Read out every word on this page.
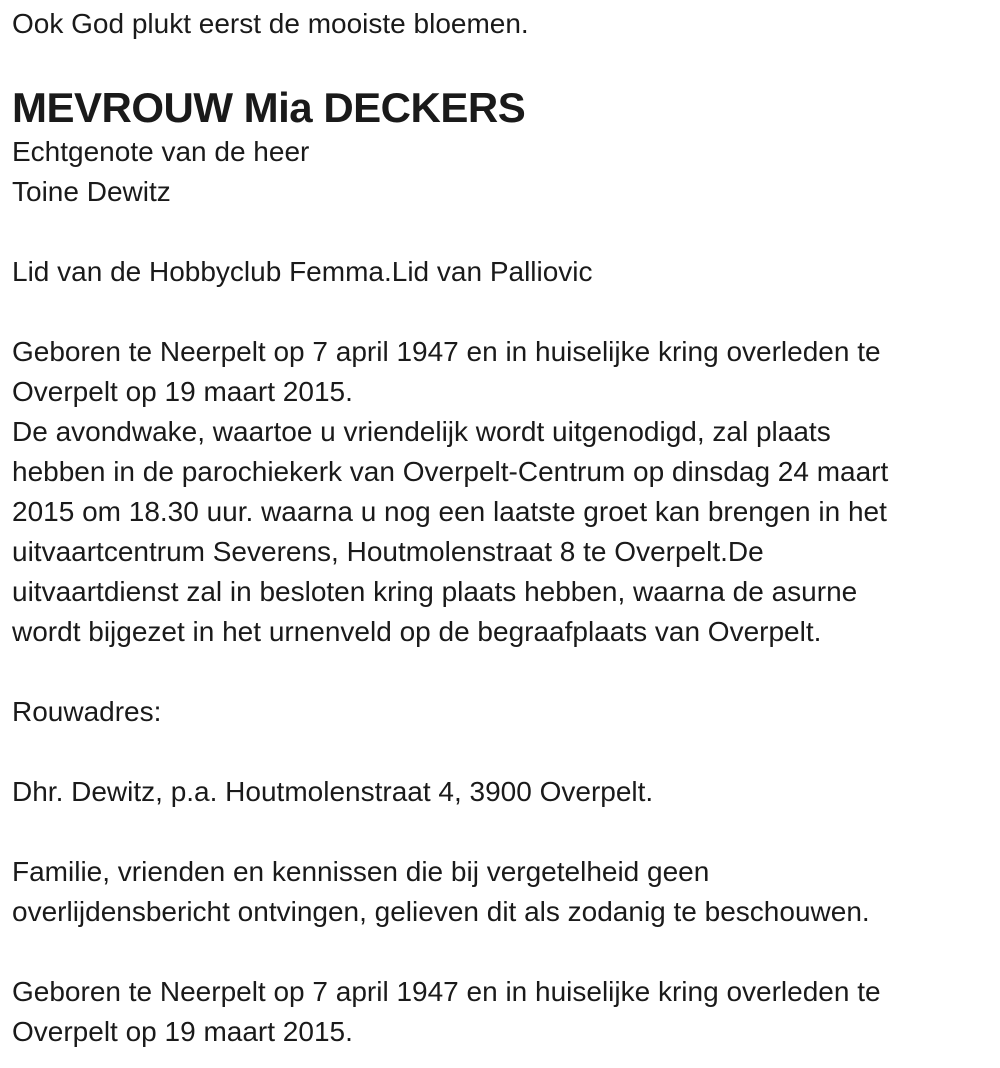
Ook God plukt eerst de mooiste bloemen.
MEVROUW Mia DECKERS
Echtgenote van de heer
Toine Dewitz
Lid van de Hobbyclub Femma.Lid van Palliovic
Geboren te Neerpelt op 7 april 1947 en in huiselijke kring overleden te
Overpelt op 19 maart 2015.
De avondwake, waartoe u vriendelijk wordt uitgenodigd, zal plaats
hebben in de parochiekerk van Overpelt-Centrum op dinsdag 24 maart
2015 om 18.30 uur. waarna u nog een laatste groet kan brengen in het
uitvaartcentrum Severens, Houtmolenstraat 8 te Overpelt.De
uitvaartdienst zal in besloten kring plaats hebben, waarna de asurne
wordt bijgezet in het urnenveld op de begraafplaats van Overpelt.
Rouwadres:
Dhr. Dewitz, p.a. Houtmolenstraat 4, 3900 Overpelt.
Familie, vrienden en kennissen die bij vergetelheid geen
overlijdensbericht ontvingen, gelieven dit als zodanig te beschouwen.
Geboren te Neerpelt op 7 april 1947 en in huiselijke kring overleden te
Overpelt op 19 maart 2015.
